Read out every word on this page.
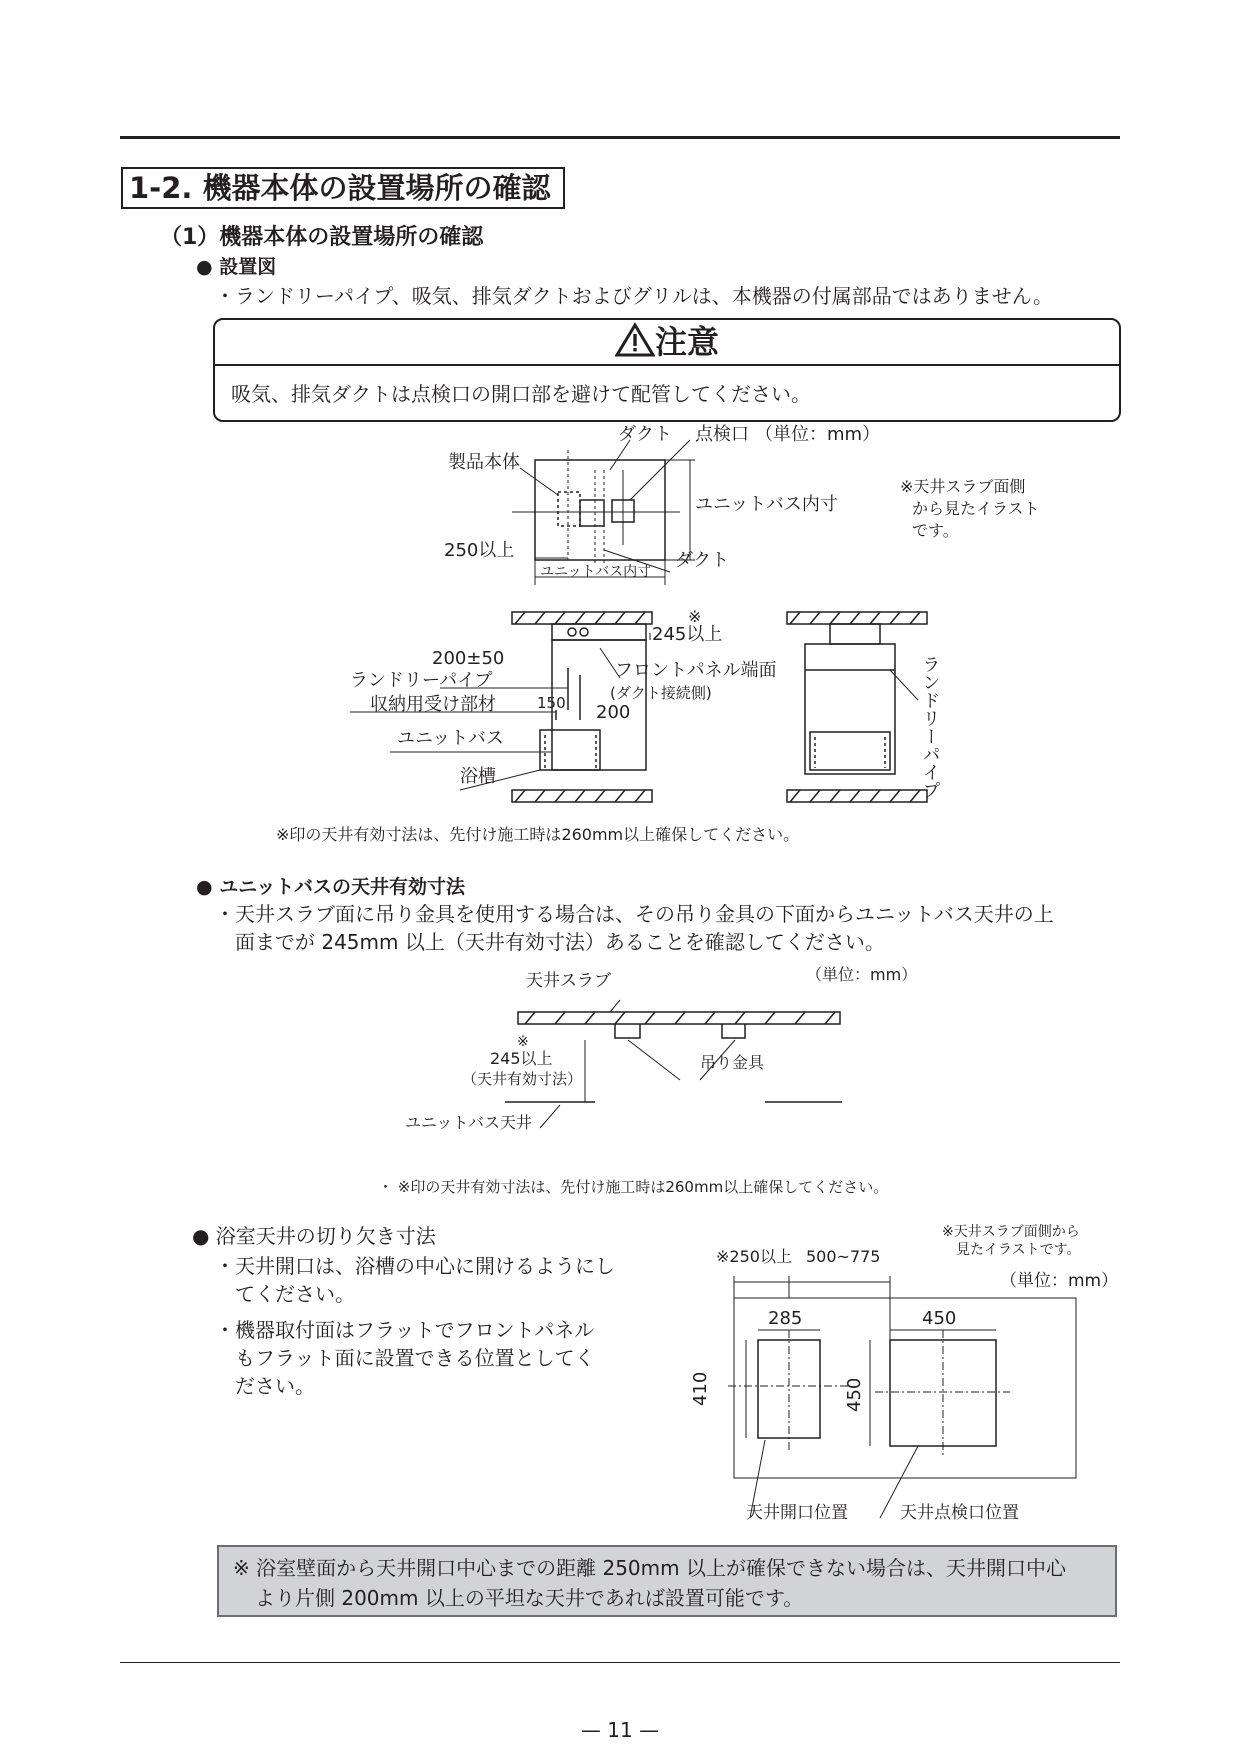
1-2. 機器本体の設置場所の確認
（1）機器本体の設置場所の確認
● 設置図
・ランドリーパイプ、吸気、排気ダクトおよびグリルは、本機器の付属部品ではありません。
注意
吸気、排気ダクトは点検口の開口部を避けて配管してください。
ダクト 点検口 （単位：mm）
製品本体
ユニットバス内寸
250以上
ユニットバス内寸
ダクト
※天井スラブ面側
から見たイラスト
です。
※
245以上
200±50
ランドリーパイプ
収納用受け部材
フロントパネル端面
(ダクト接続側)
150 200
ユニットバス
浴槽	ランドリーパイプ
※印の天井有効寸法は、先付け施工時は260mm以上確保してください。
（単位：mm）
天井スラブ
※
245以上
（天井有効寸法）
吊り金具
ユニットバス天井
・ ※印の天井有効寸法は、先付け施工時は260mm以上確保してください。
※天井スラブ面側から
見たイラストです。
（単位：mm）
※250以上 500~775
285	450
410	450
天井開口位置	天井点検口位置
● ユニットバスの天井有効寸法
・天井スラブ面に吊り金具を使用する場合は、その吊り金具の下面からユニットバス天井の上
面までが 245mm 以上（天井有効寸法）あることを確認してください。
● 浴室天井の切り欠き寸法
・天井開口は、浴槽の中心に開けるようにし
てください。
・機器取付面はフラットでフロントパネル
もフラット面に設置できる位置としてく
ださい。
※ 浴室壁面から天井開口中心までの距離 250mm 以上が確保できない場合は、天井開口中心
より片側 200mm 以上の平坦な天井であれば設置可能です。
— 11 —
